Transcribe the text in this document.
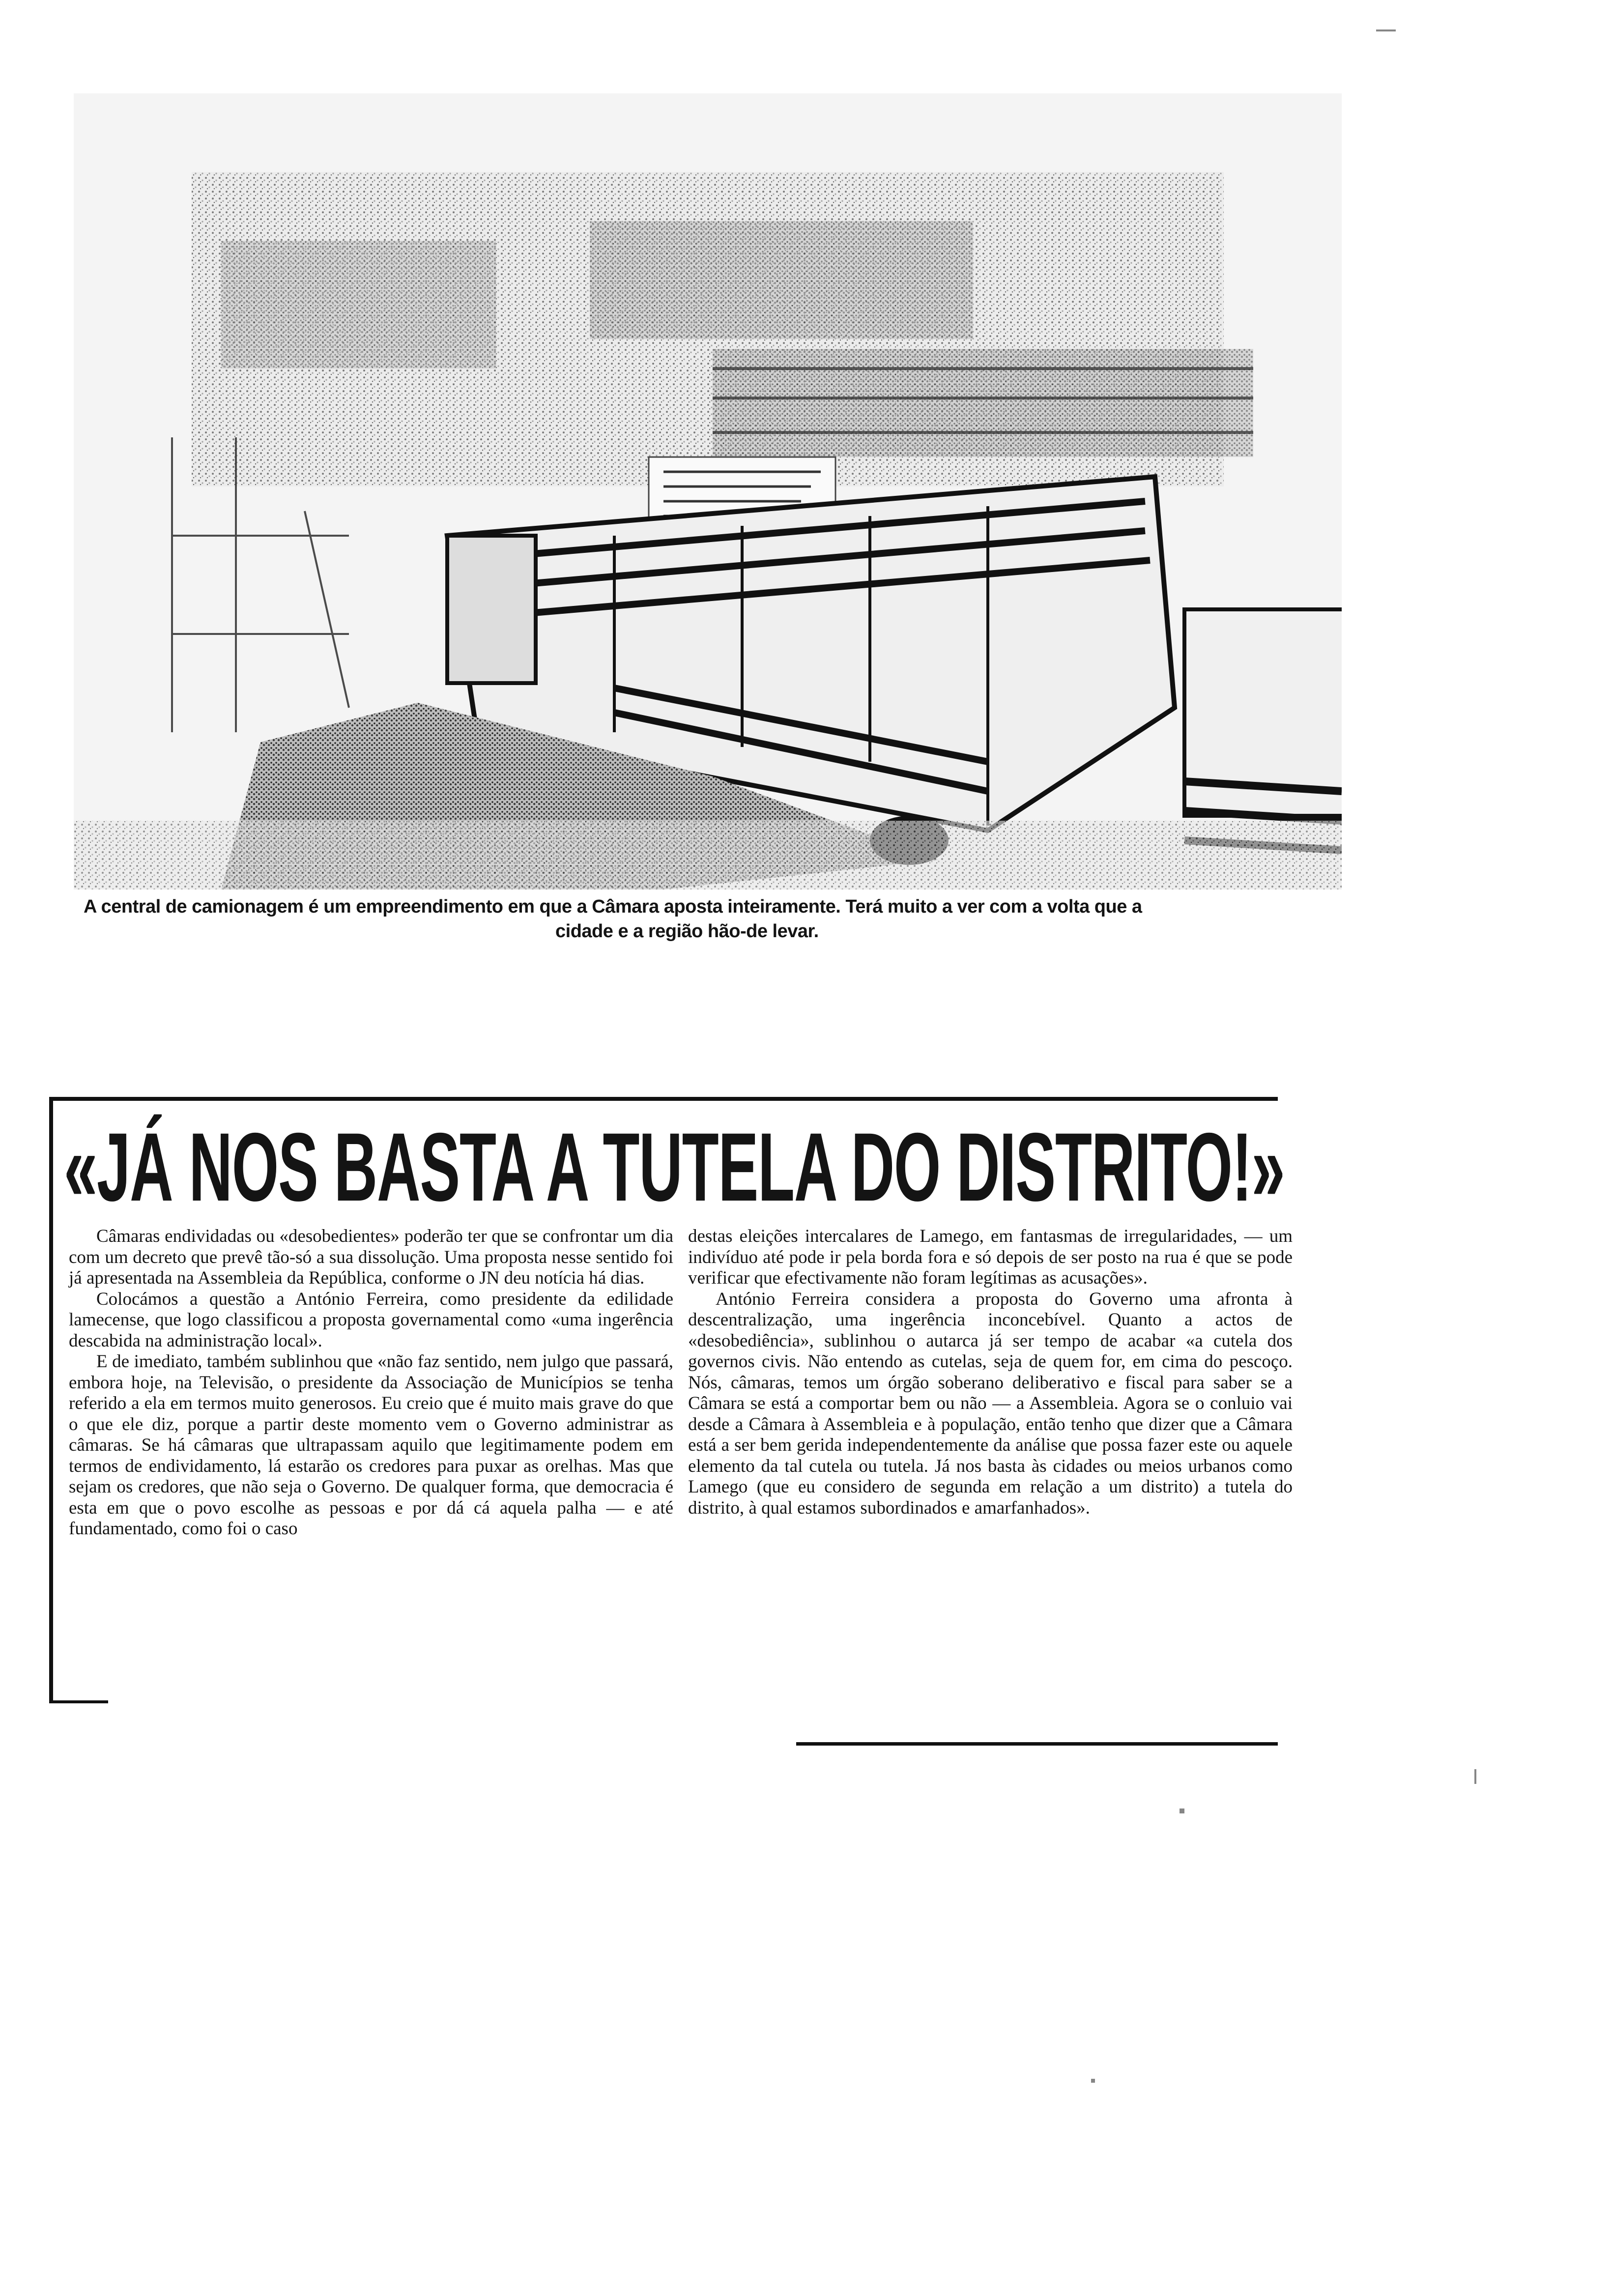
A central de camionagem é um empreendimento em que a Câmara aposta inteiramente. Terá muito a ver com a volta que a
cidade e a região hão-de levar.
«JÁ NOS BASTA A TUTELA DO DISTRITO!»

Câmaras endividadas ou «desobedientes» poderão ter que se confrontar um dia com um decreto que prevê tão-só a sua dissolução. Uma proposta nesse sentido foi já apresentada na Assembleia da República, conforme o JN deu notícia há dias.

Colocámos a questão a António Ferreira, como presidente da edilidade lamecense, que logo classificou a proposta governamental como «uma ingerência descabida na administração local».

E de imediato, também sublinhou que «não faz sentido, nem julgo que passará, embora hoje, na Televisão, o presidente da Associação de Municípios se tenha referido a ela em termos muito generosos. Eu creio que é muito mais grave do que o que ele diz, porque a partir deste momento vem o Governo administrar as câmaras. Se há câmaras que ultrapassam aquilo que legitimamente podem em termos de endividamento, lá estarão os credores para puxar as orelhas. Mas que sejam os credores, que não seja o Governo. De qualquer forma, que democracia é esta em que o povo escolhe as pessoas e por dá cá aquela palha — e até fundamentado, como foi o caso

destas eleições intercalares de Lamego, em fantasmas de irregularidades, — um indivíduo até pode ir pela borda fora e só depois de ser posto na rua é que se pode verificar que efectivamente não foram legítimas as acusações».

António Ferreira considera a proposta do Governo uma afronta à descentralização, uma ingerência inconcebível. Quanto a actos de «desobediência», sublinhou o autarca já ser tempo de acabar «a cutela dos governos civis. Não entendo as cutelas, seja de quem for, em cima do pescoço. Nós, câmaras, temos um órgão soberano deliberativo e fiscal para saber se a Câmara se está a comportar bem ou não — a Assembleia. Agora se o conluio vai desde a Câmara à Assembleia e à população, então tenho que dizer que a Câmara está a ser bem gerida independentemente da análise que possa fazer este ou aquele elemento da tal cutela ou tutela. Já nos basta às cidades ou meios urbanos como Lamego (que eu considero de segunda em relação a um distrito) a tutela do distrito, à qual estamos subordinados e amarfanhados».
